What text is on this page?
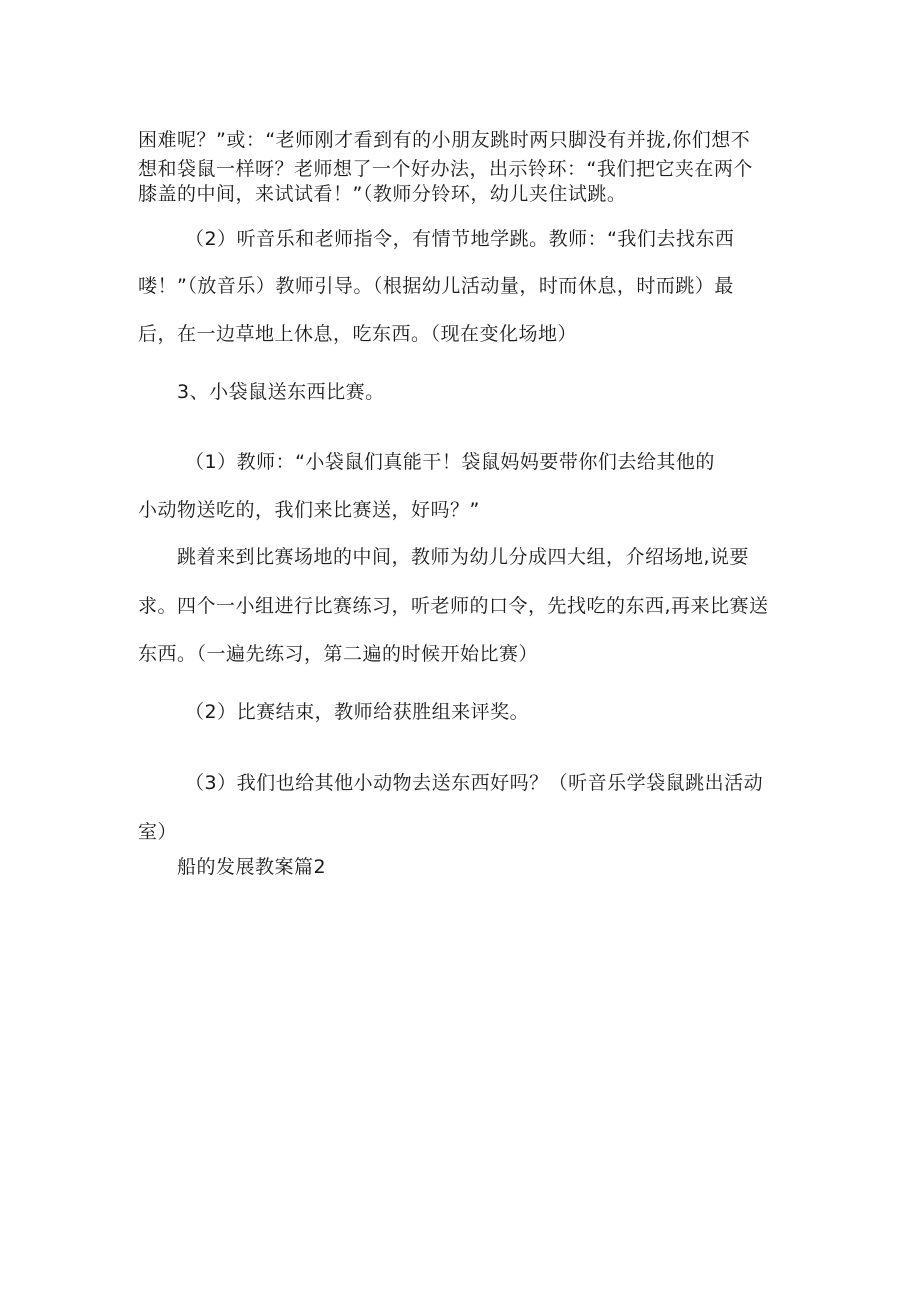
困难呢？”或：“老师刚才看到有的小朋友跳时两只脚没有并拢,你们想不
想和袋鼠一样呀？老师想了一个好办法，出示铃环：“我们把它夹在两个
膝盖的中间，来试试看！”（教师分铃环，幼儿夹住试跳。
（2）听音乐和老师指令，有情节地学跳。教师：“我们去找东西
喽！”（放音乐）教师引导。（根据幼儿活动量，时而休息，时而跳）最
后，在一边草地上休息，吃东西。（现在变化场地）
3、小袋鼠送东西比赛。
（1）教师：“小袋鼠们真能干！袋鼠妈妈要带你们去给其他的
小动物送吃的，我们来比赛送，好吗？”
跳着来到比赛场地的中间，教师为幼儿分成四大组，介绍场地,说要
求。四个一小组进行比赛练习，听老师的口令，先找吃的东西,再来比赛送
东西。（一遍先练习，第二遍的时候开始比赛）
（2）比赛结束，教师给获胜组来评奖。
（3）我们也给其他小动物去送东西好吗？（听音乐学袋鼠跳出活动
室）
船的发展教案篇2
